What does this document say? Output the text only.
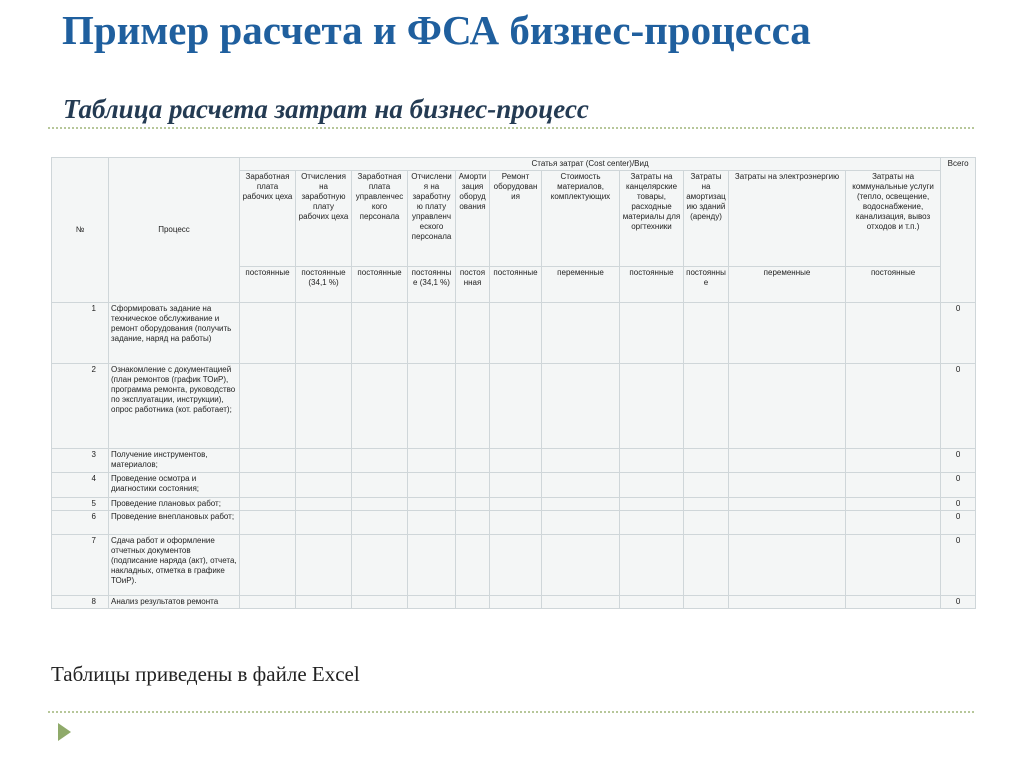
Пример расчета и ФСА бизнес-процесса
Таблица расчета затрат на бизнес-процесс
№	Процесс	Статья затрат (Cost center)/Вид											Всего
		Заработная плата рабочих цеха	Отчисления на заработную плату рабочих цеха	Заработная плата управленческого персонала	Отчисления на заработную плату управленческого персонала	Амортизация оборудования	Ремонт оборудования	Стоимость материалов, комплектующих	Затраты на канцелярские товары, расходные материалы для оргтехники	Затраты на амортизацию зданий (аренду)	Затраты на электроэнергию	Затраты на коммунальные услуги (тепло, освещение, водоснабжение, канализация, вывоз отходов и т.п.)	
		постоянные	постоянные (34,1 %)	постоянные	постоянные (34,1 %)	постоянная	постоянные	переменные	постоянные	постоянные	переменные	постоянные	
1	Сформировать задание на техническое обслуживание и ремонт оборудования (получить задание, наряд на работы)												0
2	Ознакомление с документацией (план ремонтов (график ТОиР), программа ремонта, руководство по эксплуатации, инструкции), опрос работника (кот. работает);												0
3	Получение инструментов, материалов;												0
4	Проведение осмотра и диагностики состояния;												0
5	Проведение плановых работ;												0
6	Проведение внеплановых работ;												0
7	Сдача работ и оформление отчетных документов (подписание наряда (акт), отчета, накладных, отметка в графике ТОиР).												0
8	Анализ результатов ремонта												0
Таблицы приведены в файле Excel
